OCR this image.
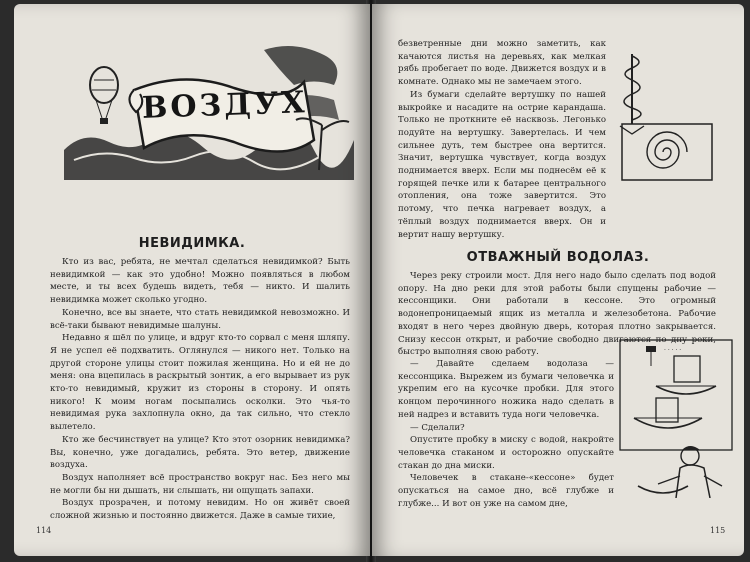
ВОЗДУХ
НЕВИДИМКА.

Кто из вас, ребята, не мечтал сделаться невидимкой? Быть невидимкой — как это удобно! Можно появляться в любом месте, и ты всех будешь видеть, тебя — никто. И шалить невидимка может сколько угодно.

Конечно, все вы знаете, что стать невидимкой невозможно. И всё-таки бывают невидимые шалуны.

Недавно я шёл по улице, и вдруг кто-то сорвал с меня шляпу. Я не успел её подхватить. Оглянулся — никого нет. Только на другой стороне улицы стоит пожилая женщина. Но и ей не до меня: она вцепилась в раскрытый зонтик, а его вырывает из рук кто-то невидимый, кружит из стороны в сторону. И опять никого! К моим ногам посыпались осколки. Это чья-то невидимая рука захлопнула окно, да так сильно, что стекло вылетело.

Кто же бесчинствует на улице? Кто этот озорник невидимка? Вы, конечно, уже догадались, ребята. Это ветер, движение воздуха.

Воздух наполняет всё пространство вокруг нас. Без него мы не могли бы ни дышать, ни слышать, ни ощущать запахи.

Воздух прозрачен, и потому невидим. Но он живёт своей сложной жизнью и постоянно движется. Даже в самые тихие,

114

безветренные дни можно заметить, как качаются листья на деревьях, как мелкая рябь пробегает по воде. Движется воздух и в комнате. Однако мы не замечаем этого.

Из бумаги сделайте вертушку по нашей выкройке и насадите на острие карандаша. Только не проткните её насквозь. Легонько подуйте на вертушку. Завертелась. И чем сильнее дуть, тем быстрее она вертится. Значит, вертушка чувствует, когда воздух поднимается вверх. Если мы поднесём её к горящей печке или к батарее центрального отопления, она тоже завертится. Это потому, что печка нагревает воздух, а тёплый воздух поднимается вверх. Он и вертит нашу вертушку.

ОТВАЖНЫЙ ВОДОЛАЗ.

Через реку строили мост. Для него надо было сделать под водой опору. На дно реки для этой работы были спущены рабочие — кессонщики. Они работали в кессоне. Это огромный водонепроницаемый ящик из металла и железобетона. Рабочие входят в него через двойную дверь, которая плотно закрывается. Снизу кессон открыт, и рабочие свободно двигаются по дну реки, быстро выполняя свою работу.

— Давайте сделаем водолаза — кессонщика. Вырежем из бумаги человечка и укрепим его на кусочке пробки. Для этого концом перочинного ножика надо сделать в ней надрез и вставить туда ноги человечка.

— Сделали?

Опустите пробку в миску с водой, накройте человечка стаканом и осторожно опускайте стакан до дна миски.

Человечек в стакане-«кессоне» будет опускаться на самое дно, всё глубже и глубже... И вот он уже на самом дне,

· · · · ·
115
